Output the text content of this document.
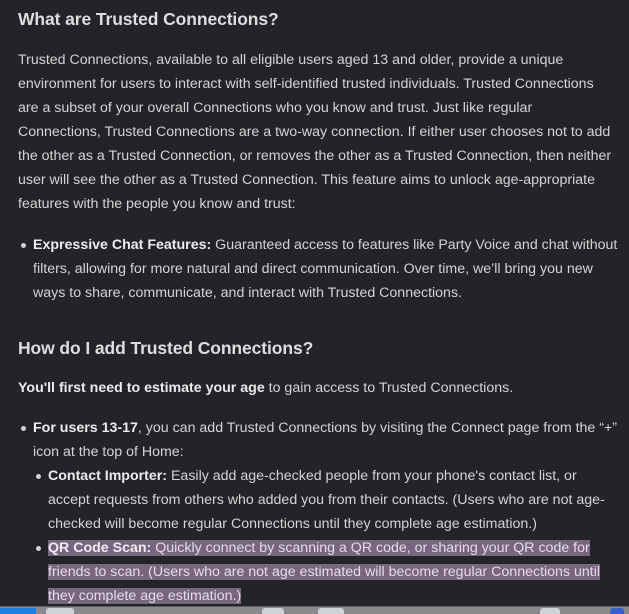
What are Trusted Connections?

Trusted Connections, available to all eligible users aged 13 and older, provide a unique environment for users to interact with self-identified trusted individuals. Trusted Connections are a subset of your overall Connections who you know and trust. Just like regular Connections, Trusted Connections are a two-way connection. If either user chooses not to add the other as a Trusted Connection, or removes the other as a Trusted Connection, then neither user will see the other as a Trusted Connection. This feature aims to unlock age-appropriate features with the people you know and trust:

Expressive Chat Features: Guaranteed access to features like Party Voice and chat without filters, allowing for more natural and direct communication. Over time, we’ll bring you new ways to share, communicate, and interact with Trusted Connections.
How do I add Trusted Connections?

You'll first need to estimate your age to gain access to Trusted Connections.

For users 13-17, you can add Trusted Connections by visiting the Connect page from the “+” icon at the top of Home:
Contact Importer: Easily add age-checked people from your phone's contact list, or accept requests from others who added you from their contacts. (Users who are not age-checked will become regular Connections until they complete age estimation.)
QR Code Scan: Quickly connect by scanning a QR code, or sharing your QR code for friends to scan. (Users who are not age estimated will become regular Connections until they complete age estimation.)
